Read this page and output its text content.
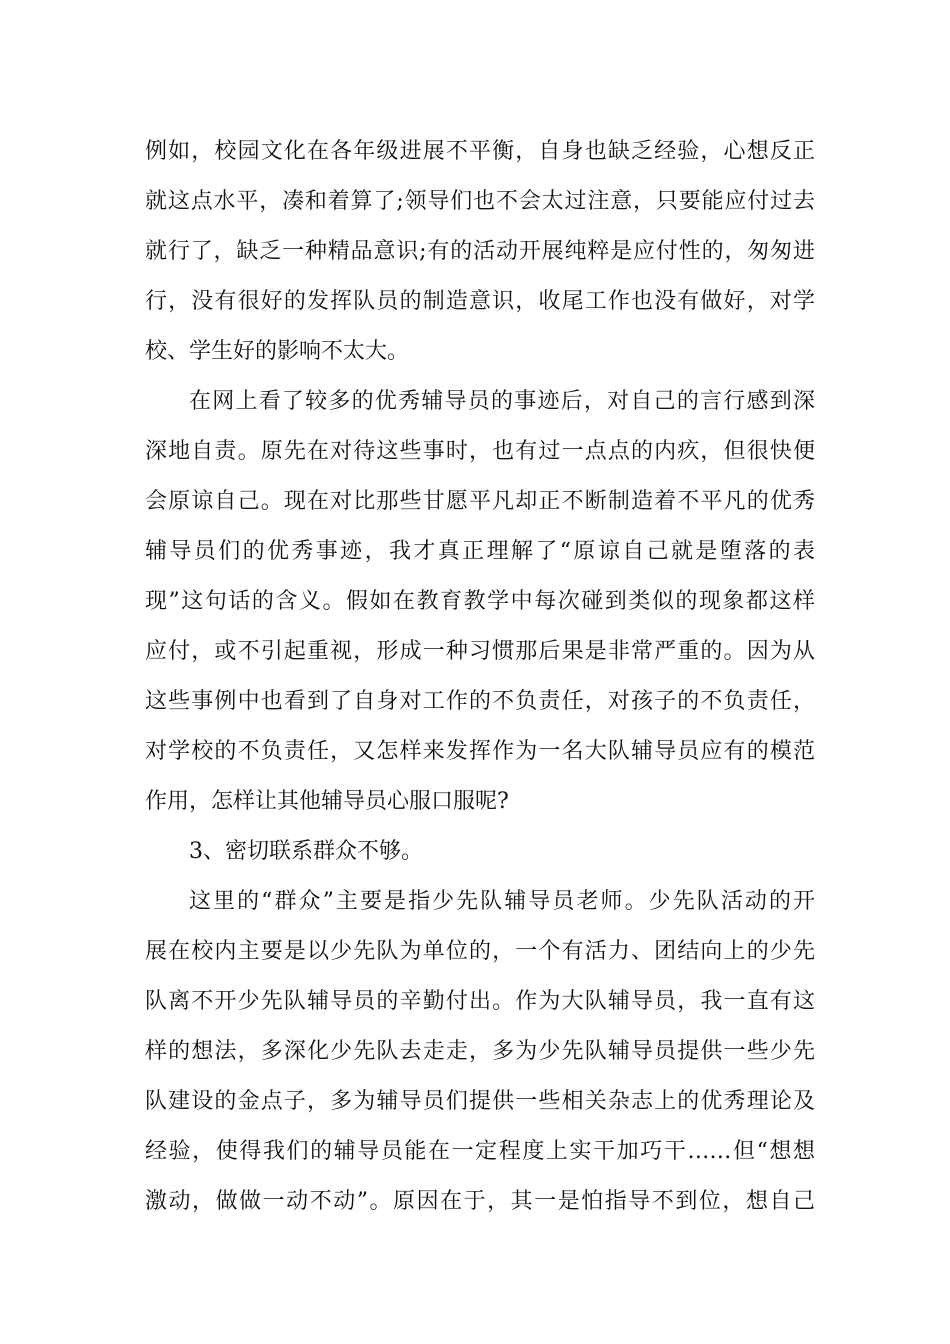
例如，校园文化在各年级进展不平衡，自身也缺乏经验，心想反正
就这点水平，凑和着算了;领导们也不会太过注意，只要能应付过去
就行了，缺乏一种精品意识;有的活动开展纯粹是应付性的，匆匆进
行，没有很好的发挥队员的制造意识，收尾工作也没有做好，对学
校、学生好的影响不太大。
在网上看了较多的优秀辅导员的事迹后，对自己的言行感到深
深地自责。原先在对待这些事时，也有过一点点的内疚，但很快便
会原谅自己。现在对比那些甘愿平凡却正不断制造着不平凡的优秀
辅导员们的优秀事迹，我才真正理解了“原谅自己就是堕落的表
现”这句话的含义。假如在教育教学中每次碰到类似的现象都这样
应付，或不引起重视，形成一种习惯那后果是非常严重的。因为从
这些事例中也看到了自身对工作的不负责任，对孩子的不负责任，
对学校的不负责任，又怎样来发挥作为一名大队辅导员应有的模范
作用，怎样让其他辅导员心服口服呢?
3、密切联系群众不够。
这里的“群众”主要是指少先队辅导员老师。少先队活动的开
展在校内主要是以少先队为单位的，一个有活力、团结向上的少先
队离不开少先队辅导员的辛勤付出。作为大队辅导员，我一直有这
样的想法，多深化少先队去走走，多为少先队辅导员提供一些少先
队建设的金点子，多为辅导员们提供一些相关杂志上的优秀理论及
经验，使得我们的辅导员能在一定程度上实干加巧干……但“想想
激动，做做一动不动”。原因在于，其一是怕指导不到位，想自己
